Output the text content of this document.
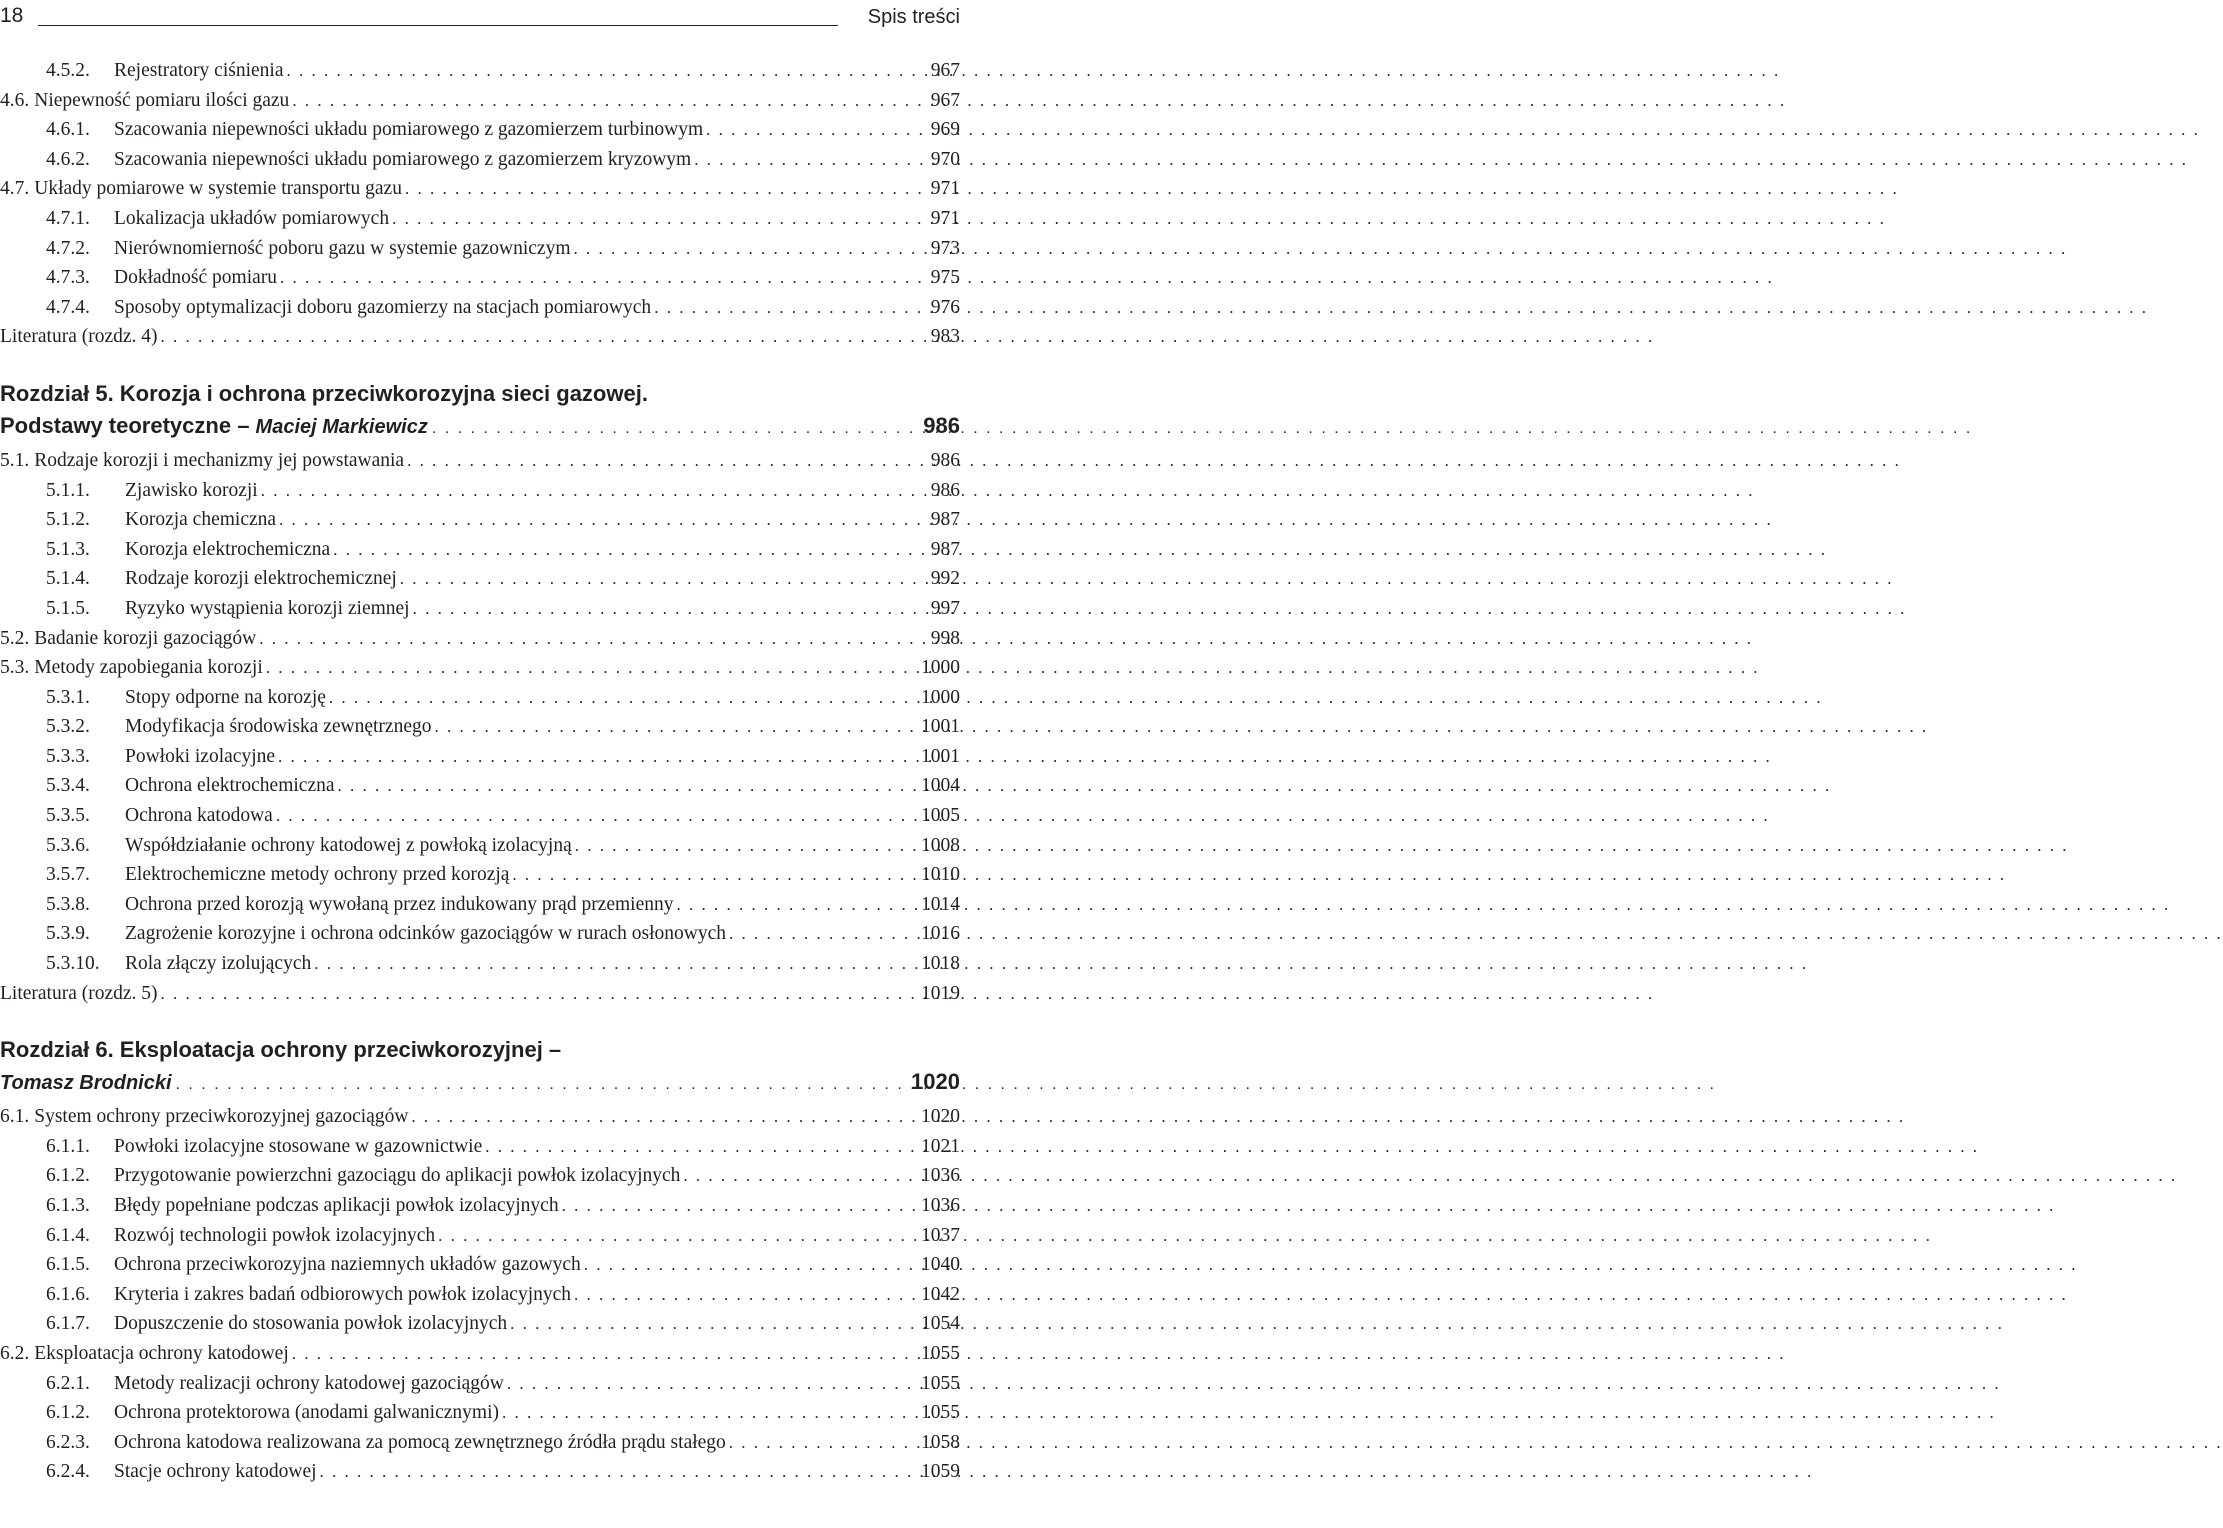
18	Spis treści
4.5.2.	Rejestratory ciśnienia . . .	967
4.6. Niepewność pomiaru ilości gazu . . .	967
4.6.1.	Szacowania niepewności układu pomiarowego z gazomierzem turbinowym . . .	969
4.6.2.	Szacowania niepewności układu pomiarowego z gazomierzem kryzowym . . .	970
4.7. Układy pomiarowe w systemie transportu gazu . . .	971
4.7.1.	Lokalizacja układów pomiarowych . . .	971
4.7.2.	Nierównomierność poboru gazu w systemie gazowniczym . . .	973
4.7.3.	Dokładność pomiaru . . .	975
4.7.4.	Sposoby optymalizacji doboru gazomierzy na stacjach pomiarowych . . .	976
Literatura (rozdz. 4) . . .	983
Rozdział 5. Korozja i ochrona przeciwkorozyjna sieci gazowej.
Podstawy teoretyczne – Maciej Markiewicz . . .	986
5.1. Rodzaje korozji i mechanizmy jej powstawania . . .	986
5.1.1.	Zjawisko korozji . . .	986
5.1.2.	Korozja chemiczna . . .	987
5.1.3.	Korozja elektrochemiczna . . .	987
5.1.4.	Rodzaje korozji elektrochemicznej . . .	992
5.1.5.	Ryzyko wystąpienia korozji ziemnej . . .	997
5.2. Badanie korozji gazociągów . . .	998
5.3. Metody zapobiegania korozji . . .	1000
5.3.1.	Stopy odporne na korozję . . .	1000
5.3.2.	Modyfikacja środowiska zewnętrznego . . .	1001
5.3.3.	Powłoki izolacyjne . . .	1001
5.3.4.	Ochrona elektrochemiczna . . .	1004
5.3.5.	Ochrona katodowa . . .	1005
5.3.6.	Współdziałanie ochrony katodowej z powłoką izolacyjną . . .	1008
3.5.7.	Elektrochemiczne metody ochrony przed korozją . . .	1010
5.3.8.	Ochrona przed korozją wywołaną przez indukowany prąd przemienny . . .	1014
5.3.9.	Zagrożenie korozyjne i ochrona odcinków gazociągów w rurach osłonowych . . .	1016
5.3.10.	Rola złączy izolujących . . .	1018
Literatura (rozdz. 5) . . .	1019
Rozdział 6. Eksploatacja ochrony przeciwkorozyjnej –
Tomasz Brodnicki . . .	1020
6.1. System ochrony przeciwkorozyjnej gazociągów . . .	1020
6.1.1.	Powłoki izolacyjne stosowane w gazownictwie . . .	1021
6.1.2.	Przygotowanie powierzchni gazociągu do aplikacji powłok izolacyjnych . . .	1036
6.1.3.	Błędy popełniane podczas aplikacji powłok izolacyjnych . . .	1036
6.1.4.	Rozwój technologii powłok izolacyjnych . . .	1037
6.1.5.	Ochrona przeciwkorozyjna naziemnych układów gazowych . . .	1040
6.1.6.	Kryteria i zakres badań odbiorowych powłok izolacyjnych . . .	1042
6.1.7.	Dopuszczenie do stosowania powłok izolacyjnych . . .	1054
6.2. Eksploatacja ochrony katodowej . . .	1055
6.2.1.	Metody realizacji ochrony katodowej gazociągów . . .	1055
6.1.2.	Ochrona protektorowa (anodami galwanicznymi) . . .	1055
6.2.3.	Ochrona katodowa realizowana za pomocą zewnętrznego źródła prądu stałego . . .	1058
6.2.4.	Stacje ochrony katodowej . . .	1059
